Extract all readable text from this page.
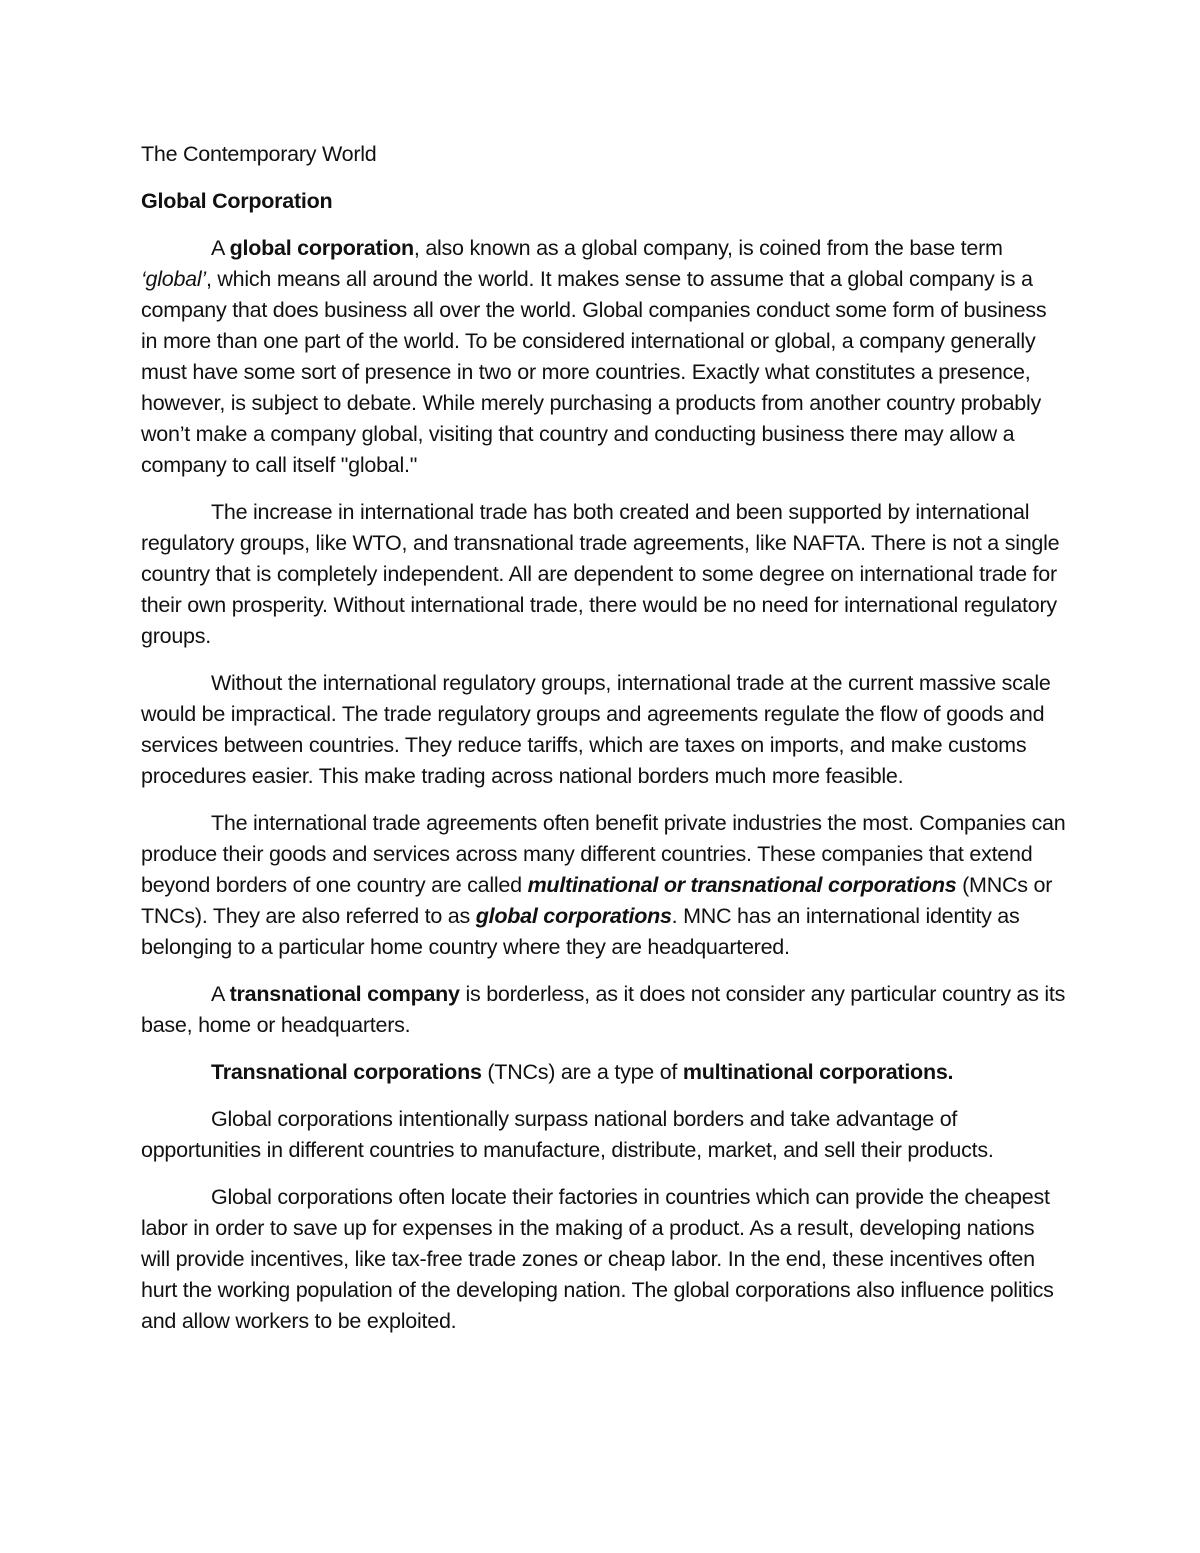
The Contemporary World
Global Corporation

A global corporation, also known as a global company, is coined from the base term ‘global’, which means all around the world. It makes sense to assume that a global company is a company that does business all over the world. Global companies conduct some form of business in more than one part of the world. To be considered international or global, a company generally must have some sort of presence in two or more countries. Exactly what constitutes a presence, however, is subject to debate. While merely purchasing a products from another country probably won’t make a company global, visiting that country and conducting business there may allow a company to call itself "global."

The increase in international trade has both created and been supported by international regulatory groups, like WTO, and transnational trade agreements, like NAFTA. There is not a single country that is completely independent. All are dependent to some degree on international trade for their own prosperity. Without international trade, there would be no need for international regulatory groups.

Without the international regulatory groups, international trade at the current massive scale would be impractical. The trade regulatory groups and agreements regulate the flow of goods and services between countries. They reduce tariffs, which are taxes on imports, and make customs procedures easier. This make trading across national borders much more feasible.

The international trade agreements often benefit private industries the most. Companies can produce their goods and services across many different countries. These companies that extend beyond borders of one country are called multinational or transnational corporations (MNCs or TNCs). They are also referred to as global corporations. MNC has an international identity as belonging to a particular home country where they are headquartered.

A transnational company is borderless, as it does not consider any particular country as its base, home or headquarters.

Transnational corporations (TNCs) are a type of multinational corporations.

Global corporations intentionally surpass national borders and take advantage of opportunities in different countries to manufacture, distribute, market, and sell their products.

Global corporations often locate their factories in countries which can provide the cheapest labor in order to save up for expenses in the making of a product. As a result, developing nations will provide incentives, like tax-free trade zones or cheap labor. In the end, these incentives often hurt the working population of the developing nation. The global corporations also influence politics and allow workers to be exploited.
